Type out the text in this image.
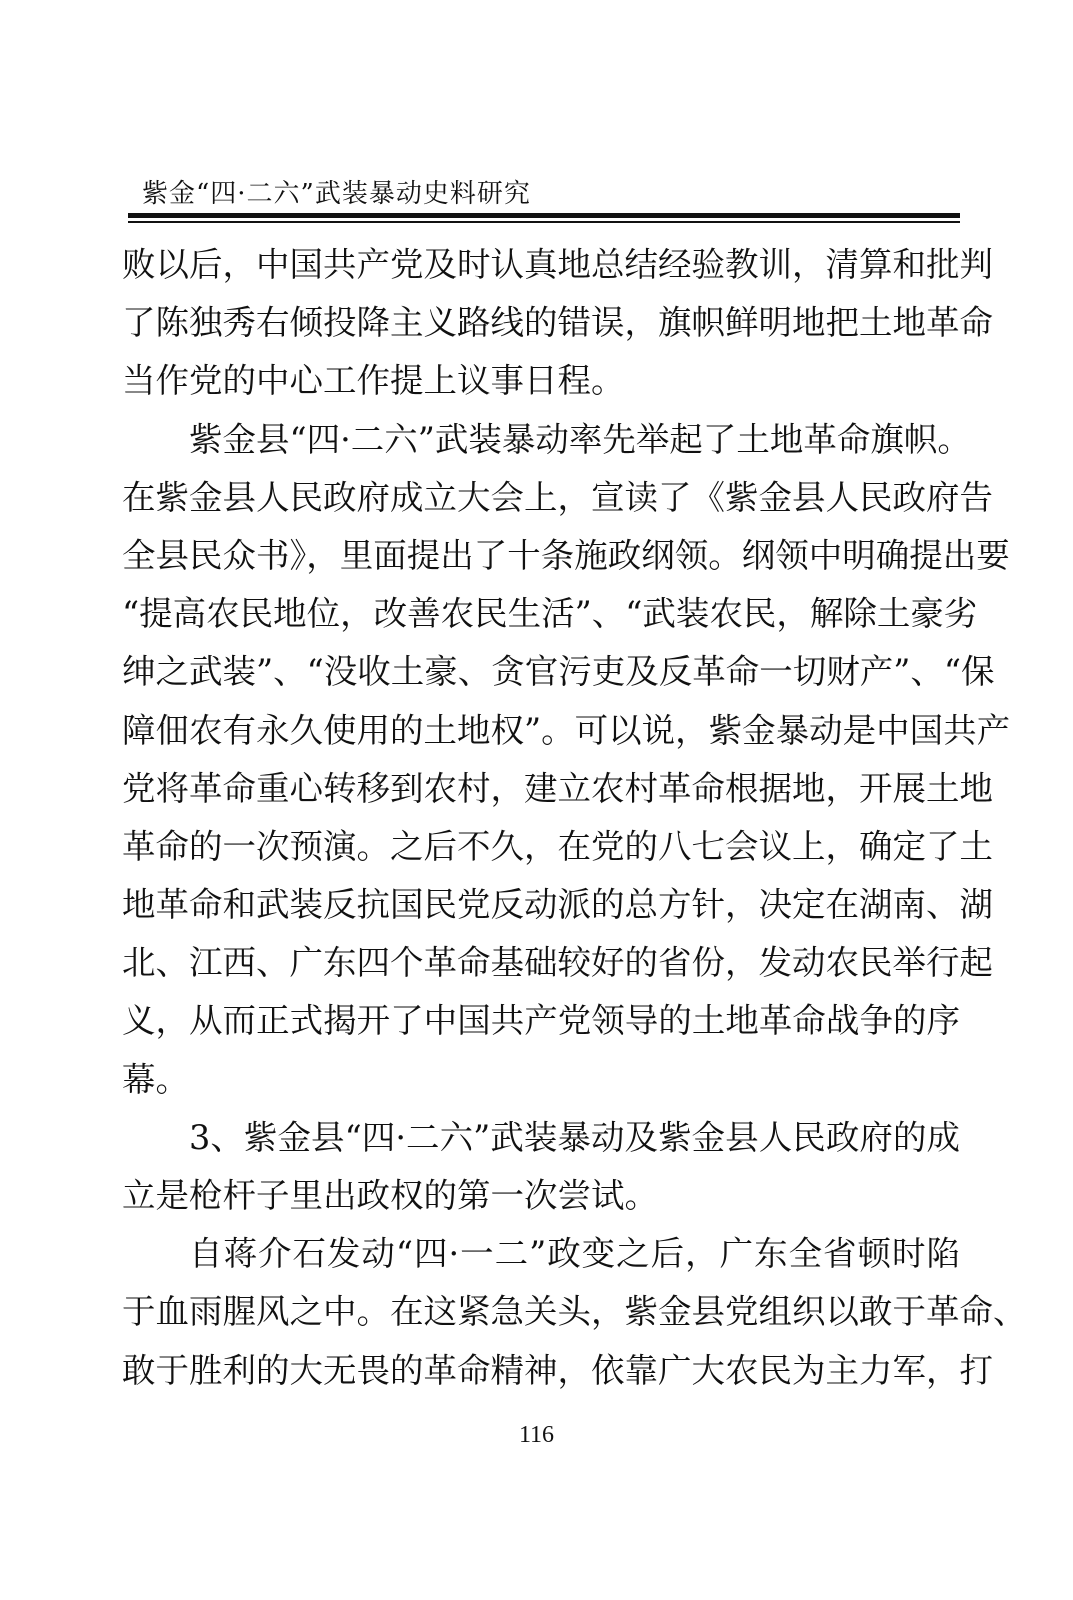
紫金“四·二六”武装暴动史料研究
败以后，中国共产党及时认真地总结经验教训，清算和批判
了陈独秀右倾投降主义路线的错误，旗帜鲜明地把土地革命
当作党的中心工作提上议事日程。
紫金县“四·二六”武装暴动率先举起了土地革命旗帜。
在紫金县人民政府成立大会上，宣读了《紫金县人民政府告
全县民众书》，里面提出了十条施政纲领。纲领中明确提出要
“提高农民地位，改善农民生活”、“武装农民，解除土豪劣
绅之武装”、“没收土豪、贪官污吏及反革命一切财产”、“保
障佃农有永久使用的土地权”。可以说，紫金暴动是中国共产
党将革命重心转移到农村，建立农村革命根据地，开展土地
革命的一次预演。之后不久，在党的八七会议上，确定了土
地革命和武装反抗国民党反动派的总方针，决定在湖南、湖
北、江西、广东四个革命基础较好的省份，发动农民举行起
义，从而正式揭开了中国共产党领导的土地革命战争的序
幕。
3、紫金县“四·二六”武装暴动及紫金县人民政府的成
立是枪杆子里出政权的第一次尝试。
自蒋介石发动“四·一二”政变之后，广东全省顿时陷
于血雨腥风之中。在这紧急关头，紫金县党组织以敢于革命、
敢于胜利的大无畏的革命精神，依靠广大农民为主力军，打
116
